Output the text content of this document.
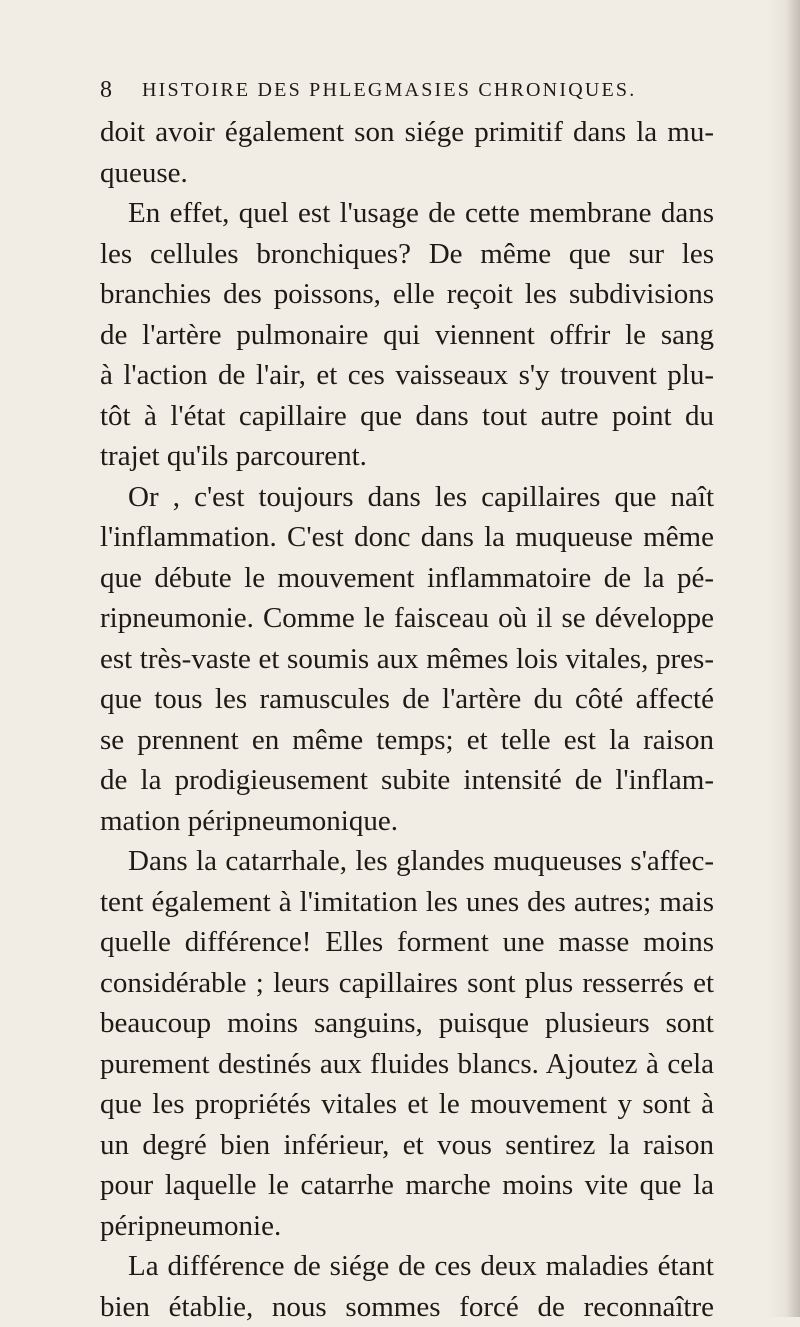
8 HISTOIRE DES PHLEGMASIES CHRONIQUES.
doit avoir également son siége primitif dans la mu-
queuse.
En effet, quel est l'usage de cette membrane dans
les cellules bronchiques? De même que sur les
branchies des poissons, elle reçoit les subdivisions
de l'artère pulmonaire qui viennent offrir le sang
à l'action de l'air, et ces vaisseaux s'y trouvent plu-
tôt à l'état capillaire que dans tout autre point du
trajet qu'ils parcourent.
Or , c'est toujours dans les capillaires que naît
l'inflammation. C'est donc dans la muqueuse même
que débute le mouvement inflammatoire de la pé-
ripneumonie. Comme le faisceau où il se développe
est très-vaste et soumis aux mêmes lois vitales, pres-
que tous les ramuscules de l'artère du côté affecté
se prennent en même temps; et telle est la raison
de la prodigieusement subite intensité de l'inflam-
mation péripneumonique.
Dans la catarrhale, les glandes muqueuses s'affec-
tent également à l'imitation les unes des autres; mais
quelle différence! Elles forment une masse moins
considérable ; leurs capillaires sont plus resserrés et
beaucoup moins sanguins, puisque plusieurs sont
purement destinés aux fluides blancs. Ajoutez à cela
que les propriétés vitales et le mouvement y sont à
un degré bien inférieur, et vous sentirez la raison
pour laquelle le catarrhe marche moins vite que la
péripneumonie.
La différence de siége de ces deux maladies étant
bien établie, nous sommes forcé de reconnaître
